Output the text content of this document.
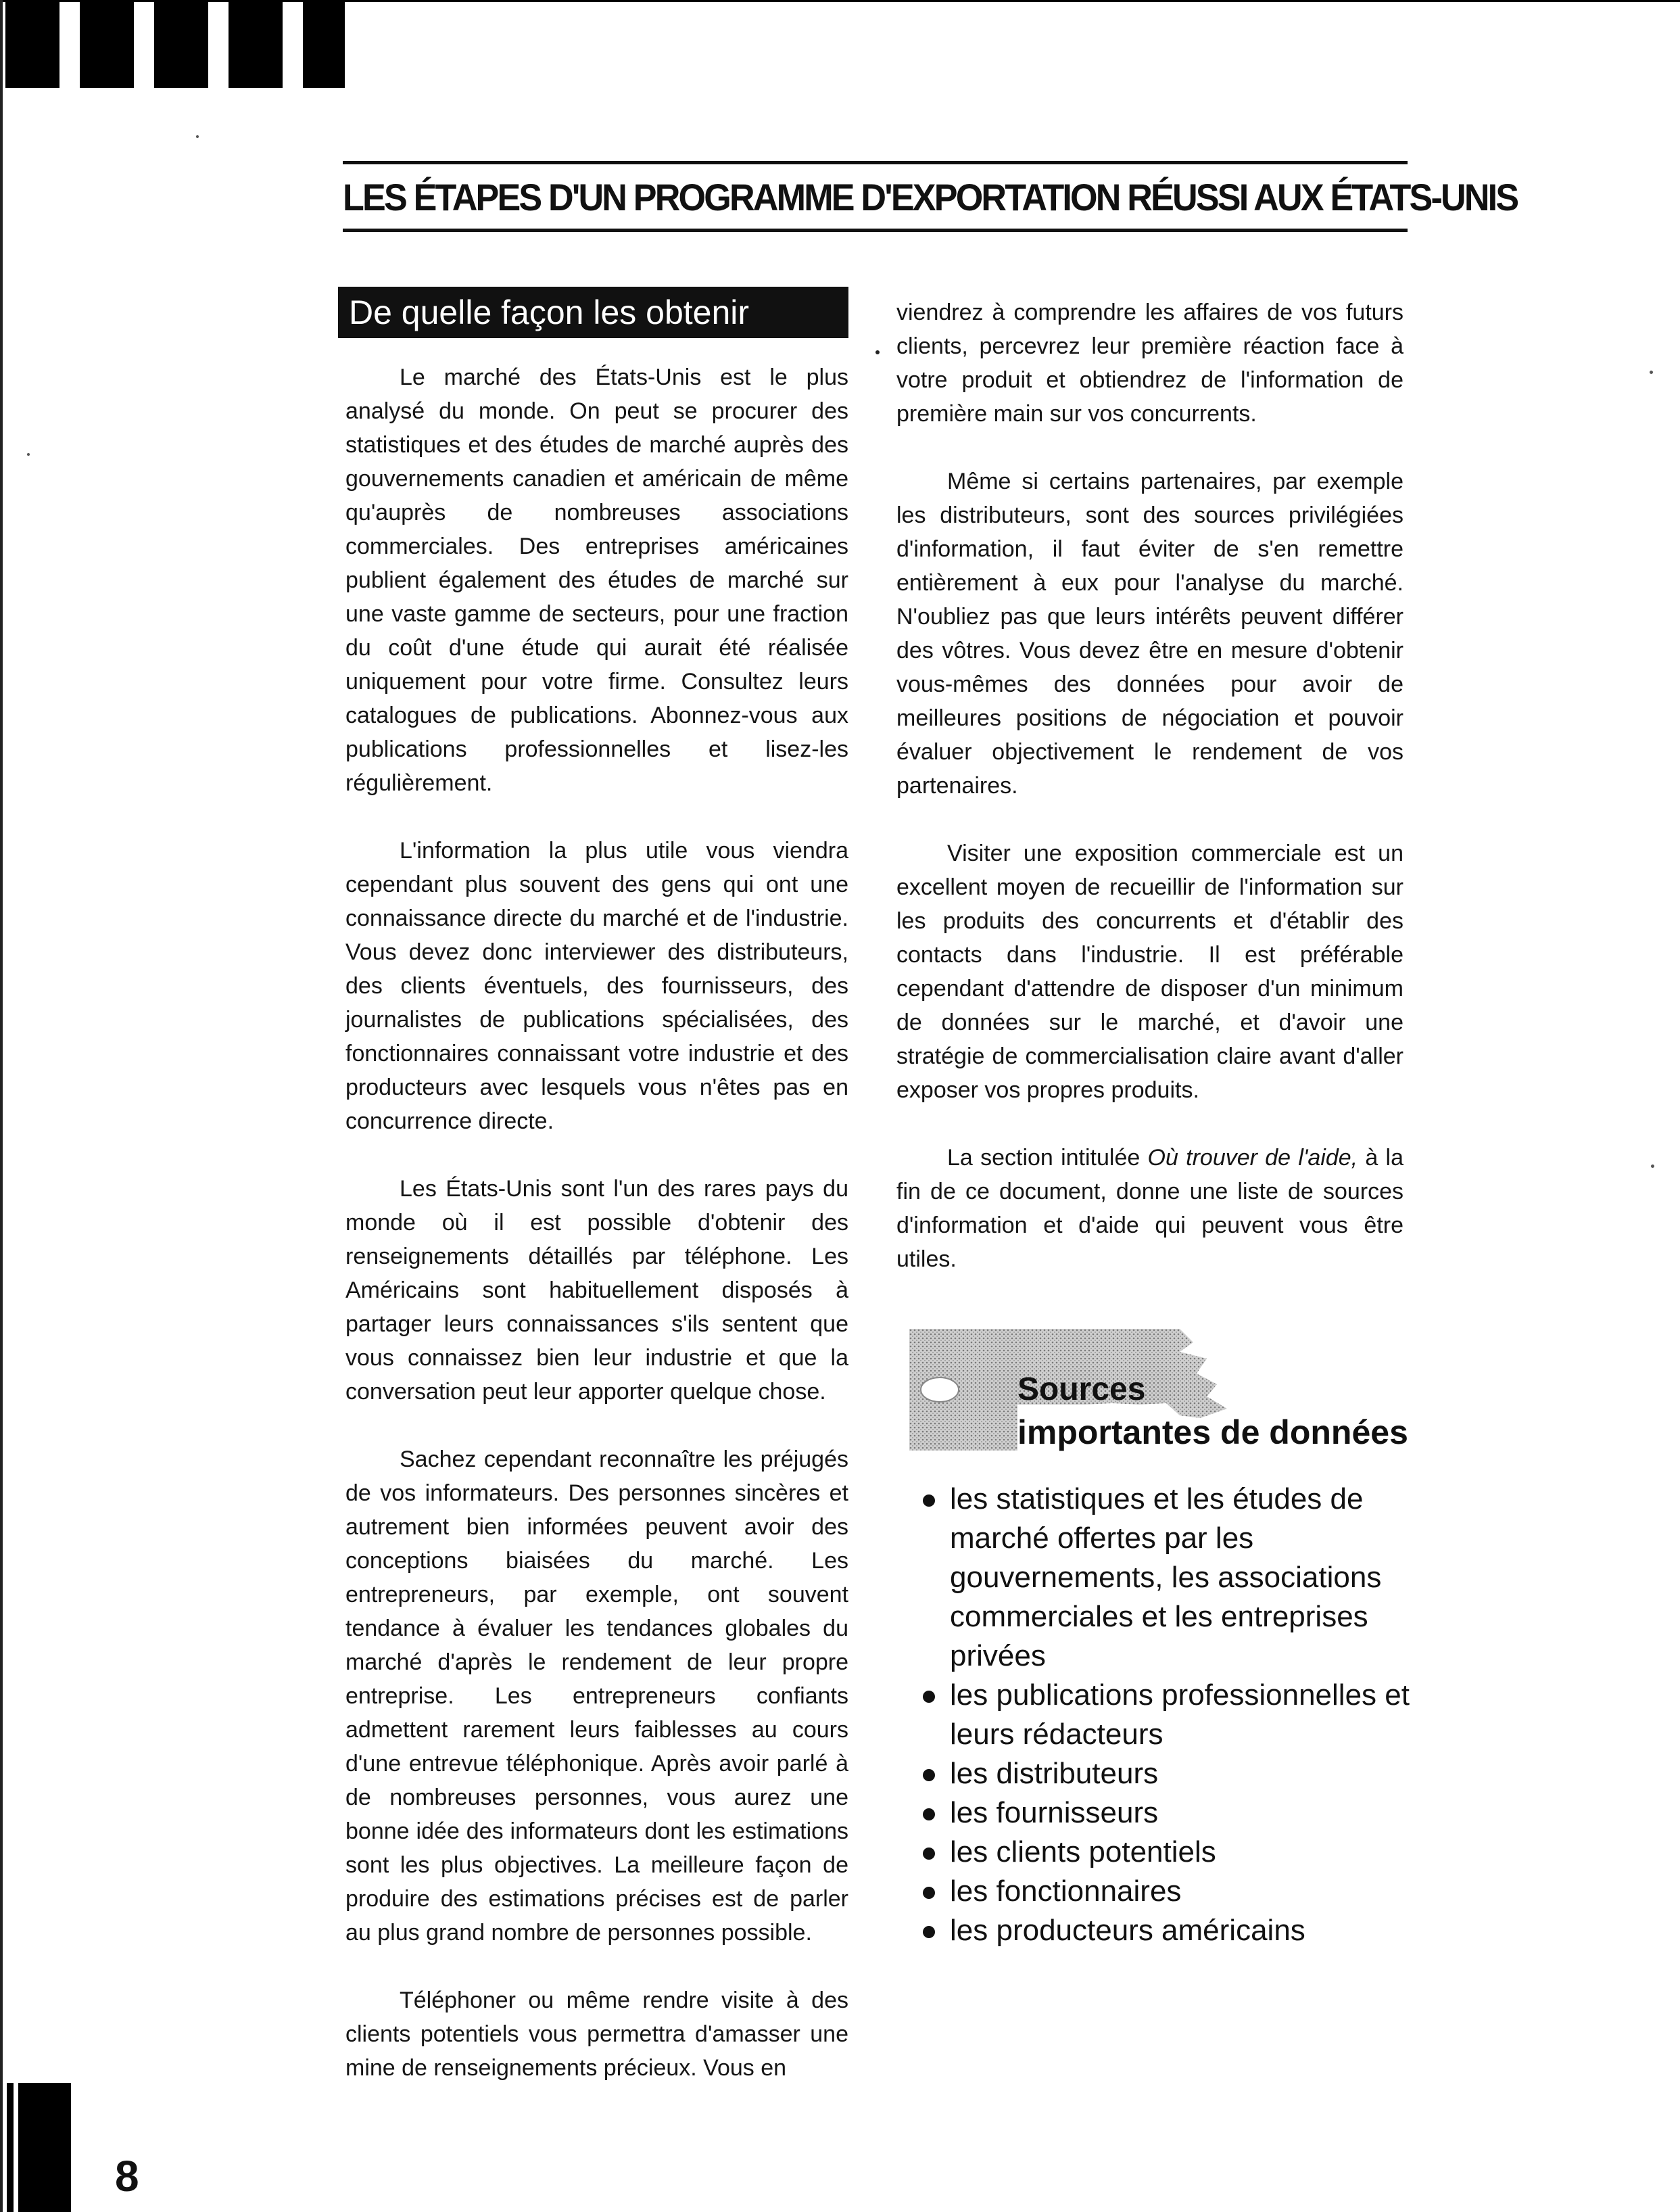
LES ÉTAPES D'UN PROGRAMME D'EXPORTATION RÉUSSI AUX ÉTATS-UNIS
De quelle façon les obtenir

Le marché des États-Unis est le plus analysé du monde. On peut se procurer des statistiques et des études de marché auprès des gouvernements canadien et américain de même qu'auprès de nombreuses associations commerciales. Des entreprises américaines publient également des études de marché sur une vaste gamme de secteurs, pour une fraction du coût d'une étude qui aurait été réalisée uniquement pour votre firme. Consultez leurs catalogues de publications. Abonnez-vous aux publications professionnelles et lisez-les régulièrement.

L'information la plus utile vous viendra cependant plus souvent des gens qui ont une connaissance directe du marché et de l'industrie. Vous devez donc interviewer des distributeurs, des clients éventuels, des fournisseurs, des journalistes de publications spécialisées, des fonctionnaires connaissant votre industrie et des producteurs avec lesquels vous n'êtes pas en concurrence directe.

Les États-Unis sont l'un des rares pays du monde où il est possible d'obtenir des renseignements détaillés par téléphone. Les Américains sont habituellement disposés à partager leurs connaissances s'ils sentent que vous connaissez bien leur industrie et que la conversation peut leur apporter quelque chose.

Sachez cependant reconnaître les préjugés de vos informateurs. Des personnes sincères et autrement bien informées peuvent avoir des conceptions biaisées du marché. Les entrepreneurs, par exemple, ont souvent tendance à évaluer les tendances globales du marché d'après le rendement de leur propre entreprise. Les entrepreneurs confiants admettent rarement leurs faiblesses au cours d'une entrevue téléphonique. Après avoir parlé à de nombreuses personnes, vous aurez une bonne idée des informateurs dont les estimations sont les plus objectives. La meilleure façon de produire des estimations précises est de parler au plus grand nombre de personnes possible.

Téléphoner ou même rendre visite à des clients potentiels vous permettra d'amasser une mine de renseignements précieux. Vous en

viendrez à comprendre les affaires de vos futurs clients, percevrez leur première réaction face à votre produit et obtiendrez de l'information de première main sur vos concurrents.

Même si certains partenaires, par exemple les distributeurs, sont des sources privilégiées d'information, il faut éviter de s'en remettre entièrement à eux pour l'analyse du marché. N'oubliez pas que leurs intérêts peuvent différer des vôtres. Vous devez être en mesure d'obtenir vous-mêmes des données pour avoir de meilleures positions de négociation et pouvoir évaluer objectivement le rendement de vos partenaires.

Visiter une exposition commerciale est un excellent moyen de recueillir de l'information sur les produits des concurrents et d'établir des contacts dans l'industrie. Il est préférable cependant d'attendre de disposer d'un minimum de données sur le marché, et d'avoir une stratégie de commercialisation claire avant d'aller exposer vos propres produits.

La section intitulée Où trouver de l'aide, à la fin de ce document, donne une liste de sources d'information et d'aide qui peuvent vous être utiles.

Sources
importantes de données
les statistiques et les études de marché offertes par les gouvernements, les associations commerciales et les entreprises privées
les publications professionnelles et leurs rédacteurs
les distributeurs
les fournisseurs
les clients potentiels
les fonctionnaires
les producteurs américains
8
